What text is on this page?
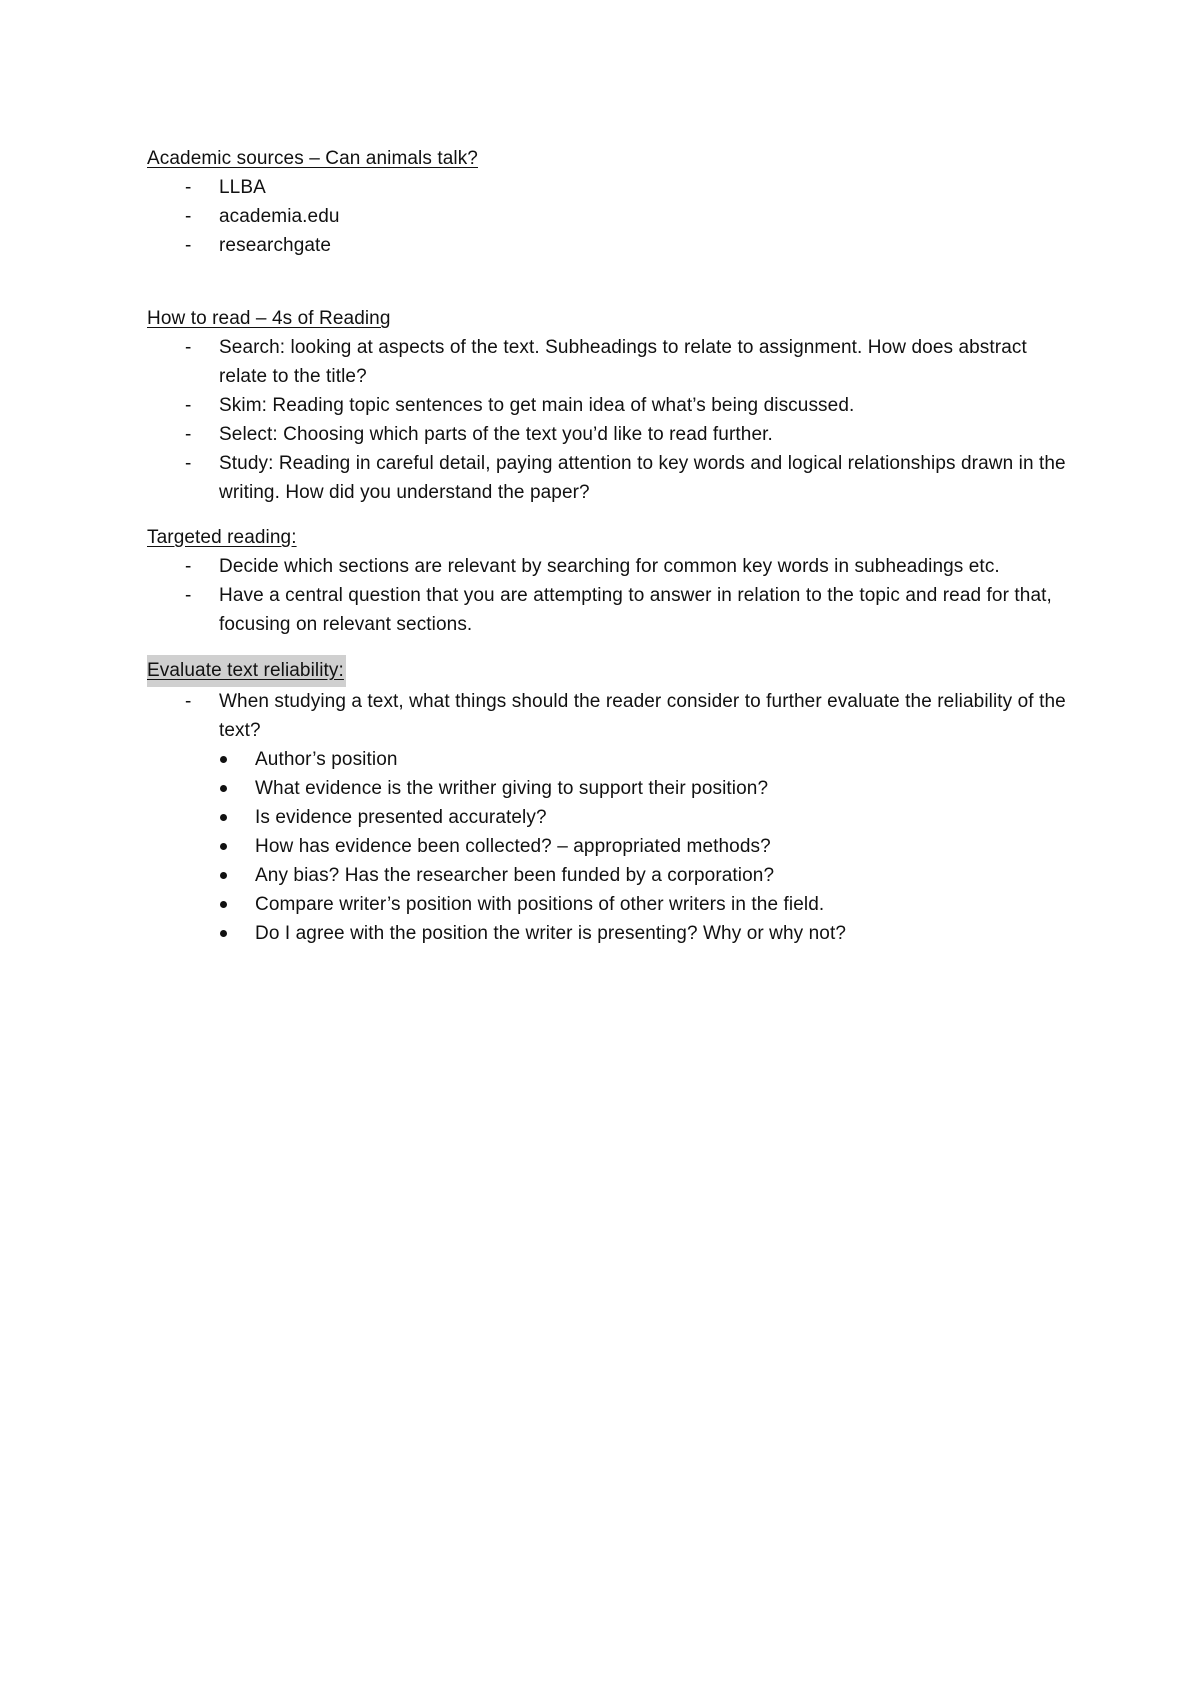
Academic sources – Can animals talk?
- LLBA
- academia.edu
- researchgate
How to read – 4s of Reading
- Search: looking at aspects of the text. Subheadings to relate to assignment. How does abstract relate to the title?
- Skim: Reading topic sentences to get main idea of what’s being discussed.
- Select: Choosing which parts of the text you’d like to read further.
- Study: Reading in careful detail, paying attention to key words and logical relationships drawn in the writing. How did you understand the paper?
Targeted reading:
- Decide which sections are relevant by searching for common key words in subheadings etc.
- Have a central question that you are attempting to answer in relation to the topic and read for that, focusing on relevant sections.
Evaluate text reliability:
- When studying a text, what things should the reader consider to further evaluate the reliability of the text?
Author’s position
What evidence is the writher giving to support their position?
Is evidence presented accurately?
How has evidence been collected? – appropriated methods?
Any bias? Has the researcher been funded by a corporation?
Compare writer’s position with positions of other writers in the field.
Do I agree with the position the writer is presenting? Why or why not?
